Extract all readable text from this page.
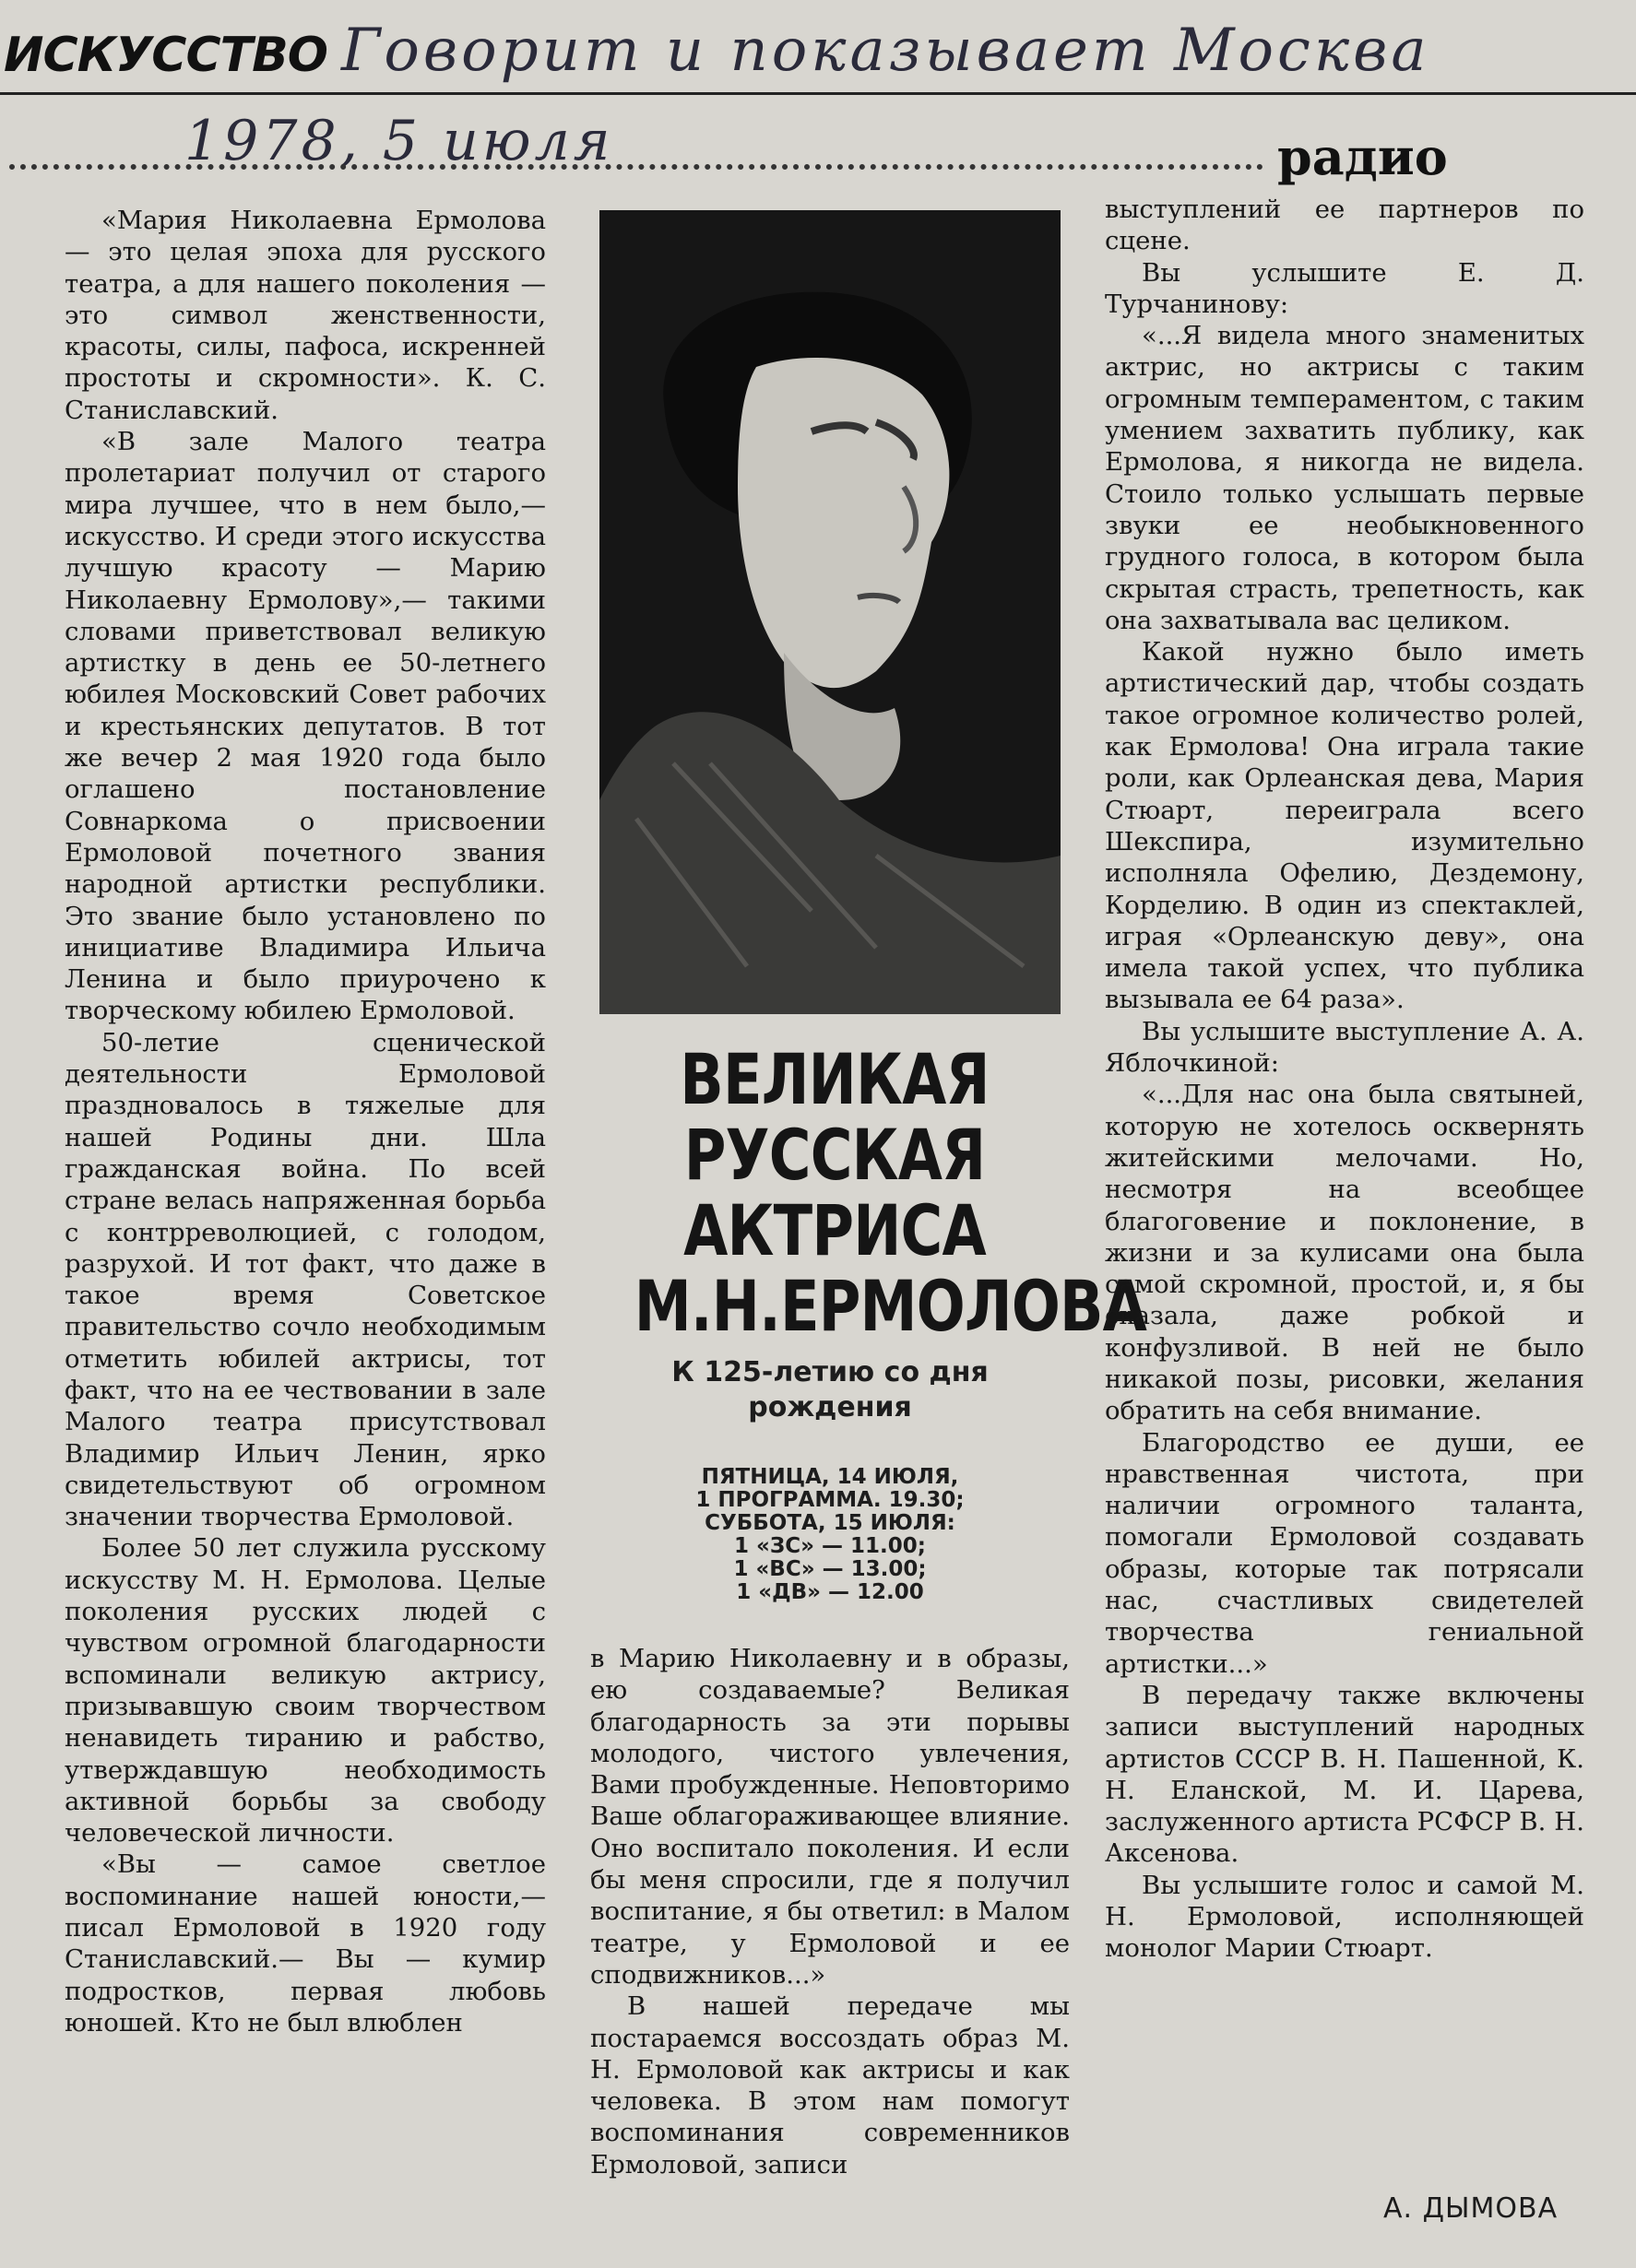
ИСКУССТВО Говорит и показывает Москва
1978, 5 июля	радио

«Мария Николаевна Ермолова — это целая эпоха для русского театра, а для нашего поколения — это символ женственности, красоты, силы, пафоса, искренней простоты и скромности». К. С. Станиславский.

«В зале Малого театра пролетариат получил от старого мира лучшее, что в нем было,—искусство. И среди этого искусства лучшую красоту — Марию Николаевну Ермолову»,— такими словами приветствовал великую артистку в день ее 50-летнего юбилея Московский Совет рабочих и крестьянских депутатов. В тот же вечер 2 мая 1920 года было оглашено постановление Совнаркома о присвоении Ермоловой почетного звания народной артистки республики. Это звание было установлено по инициативе Владимира Ильича Ленина и было приурочено к творческому юбилею Ермоловой.

50-летие сценической деятельности Ермоловой праздновалось в тяжелые для нашей Родины дни. Шла гражданская война. По всей стране велась напряженная борьба с контрреволюцией, с голодом, разрухой. И тот факт, что даже в такое время Советское правительство сочло необходимым отметить юбилей актрисы, тот факт, что на ее чествовании в зале Малого театра присутствовал Владимир Ильич Ленин, ярко свидетельствуют об огромном значении творчества Ермоловой.

Более 50 лет служила русскому искусству М. Н. Ермолова. Целые поколения русских людей с чувством огромной благодарности вспоминали великую актрису, призывавшую своим творчеством ненавидеть тиранию и рабство, утверждавшую необходимость активной борьбы за свободу человеческой личности.

«Вы — самое светлое воспоминание нашей юности,— писал Ермоловой в 1920 году Станиславский.— Вы — кумир подростков, первая любовь юношей. Кто не был влюблен

ВЕЛИКАЯ РУССКАЯ
АКТРИСА
М.Н.ЕРМОЛОВА
К 125-летию со дня рождения
ПЯТНИЦА, 14 ИЮЛЯ,
1 ПРОГРАММА. 19.30;
СУББОТА, 15 ИЮЛЯ:
1 «ЗС» — 11.00;
1 «ВС» — 13.00;
1 «ДВ» — 12.00

в Марию Николаевну и в образы, ею создаваемые? Великая благодарность за эти порывы молодого, чистого увлечения, Вами пробужденные. Неповторимо Ваше облагораживающее влияние. Оно воспитало поколения. И если бы меня спросили, где я получил воспитание, я бы ответил: в Малом театре, у Ермоловой и ее сподвижников...»

В нашей передаче мы постараемся воссоздать образ М. Н. Ермоловой как актрисы и как человека. В этом нам помогут воспоминания современников Ермоловой, записи

выступлений ее партнеров по сцене.

Вы услышите Е. Д. Турчанинову:

«...Я видела много знаменитых актрис, но актрисы с таким огромным темпераментом, с таким умением захватить публику, как Ермолова, я никогда не видела. Стоило только услышать первые звуки ее необыкновенного грудного голоса, в котором была скрытая страсть, трепетность, как она захватывала вас целиком.

Какой нужно было иметь артистический дар, чтобы создать такое огромное количество ролей, как Ермолова! Она играла такие роли, как Орлеанская дева, Мария Стюарт, переиграла всего Шекспира, изумительно исполняла Офелию, Дездемону, Корделию. В один из спектаклей, играя «Орлеанскую деву», она имела такой успех, что публика вызывала ее 64 раза».

Вы услышите выступление А. А. Яблочкиной:

«...Для нас она была святыней, которую не хотелось осквернять житейскими мелочами. Но, несмотря на всеобщее благоговение и поклонение, в жизни и за кулисами она была самой скромной, простой, и, я бы сказала, даже робкой и конфузливой. В ней не было никакой позы, рисовки, желания обратить на себя внимание.

Благородство ее души, ее нравственная чистота, при наличии огромного таланта, помогали Ермоловой создавать образы, которые так потрясали нас, счастливых свидетелей творчества гениальной артистки...»

В передачу также включены записи выступлений народных артистов СССР В. Н. Пашенной, К. Н. Еланской, М. И. Царева, заслуженного артиста РСФСР В. Н. Аксенова.

Вы услышите голос и самой М. Н. Ермоловой, исполняющей монолог Марии Стюарт.

А. ДЫМОВА
